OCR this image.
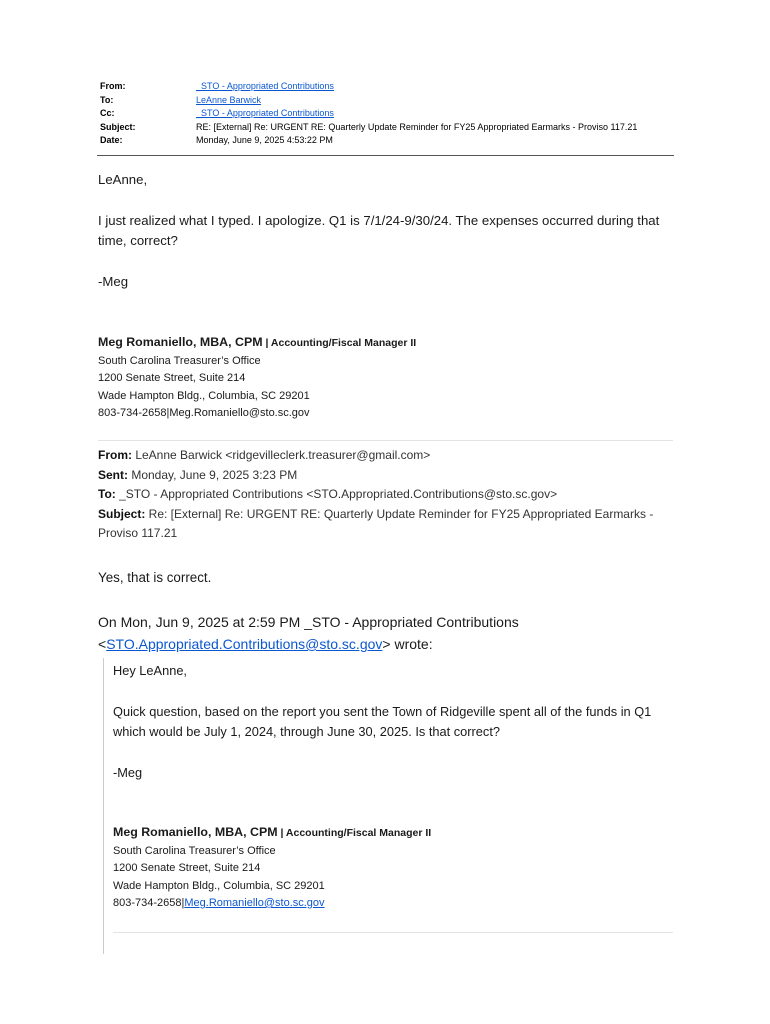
From:	_STO - Appropriated Contributions
To:	LeAnne Barwick
Cc:	_STO - Appropriated Contributions
Subject:	RE: [External] Re: URGENT RE: Quarterly Update Reminder for FY25 Appropriated Earmarks - Proviso 117.21
Date:	Monday, June 9, 2025 4:53:22 PM

LeAnne,

I just realized what I typed. I apologize. Q1 is 7/1/24-9/30/24. The expenses occurred during that time, correct?

-Meg

Meg Romaniello, MBA, CPM | Accounting/Fiscal Manager II
South Carolina Treasurer’s Office
1200 Senate Street, Suite 214
Wade Hampton Bldg., Columbia, SC 29201
803-734-2658|Meg.Romaniello@sto.sc.gov
From: LeAnne Barwick <ridgevilleclerk.treasurer@gmail.com>
Sent: Monday, June 9, 2025 3:23 PM
To: _STO - Appropriated Contributions <STO.Appropriated.Contributions@sto.sc.gov>
Subject: Re: [External] Re: URGENT RE: Quarterly Update Reminder for FY25 Appropriated Earmarks - Proviso 117.21
Yes, that is correct.
On Mon, Jun 9, 2025 at 2:59 PM _STO - Appropriated Contributions
<STO.Appropriated.Contributions@sto.sc.gov> wrote:

Hey LeAnne,

Quick question, based on the report you sent the Town of Ridgeville spent all of the funds in Q1 which would be July 1, 2024, through June 30, 2025. Is that correct?

-Meg

Meg Romaniello, MBA, CPM | Accounting/Fiscal Manager II
South Carolina Treasurer’s Office
1200 Senate Street, Suite 214
Wade Hampton Bldg., Columbia, SC 29201
803-734-2658|Meg.Romaniello@sto.sc.gov
